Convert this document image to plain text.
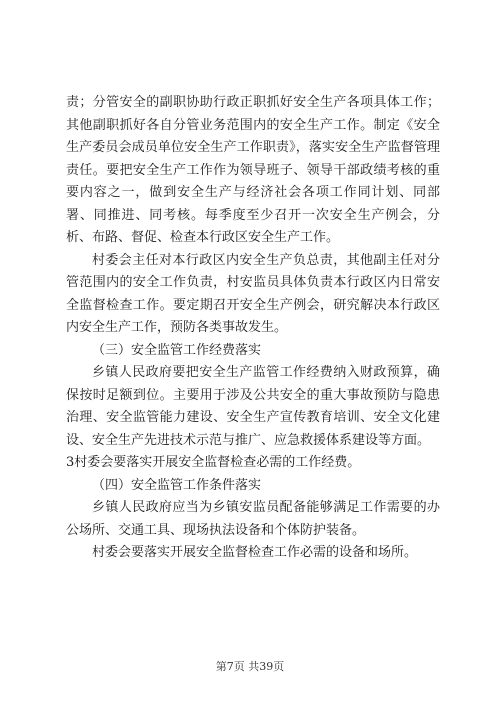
责；分管安全的副职协助行政正职抓好安全生产各项具体工作；其他副职抓好各自分管业务范围内的安全生产工作。制定《安全生产委员会成员单位安全生产工作职责》，落实安全生产监督管理责任。要把安全生产工作作为领导班子、领导干部政绩考核的重要内容之一，做到安全生产与经济社会各项工作同计划、同部署、同推进、同考核。每季度至少召开一次安全生产例会，分析、布路、督促、检查本行政区安全生产工作。

村委会主任对本行政区内安全生产负总责，其他副主任对分管范围内的安全工作负责，村安监员具体负责本行政区内日常安全监督检查工作。要定期召开安全生产例会，研究解决本行政区内安全生产工作，预防各类事故发生。

（三）安全监管工作经费落实

乡镇人民政府要把安全生产监管工作经费纳入财政预算，确保按时足额到位。主要用于涉及公共安全的重大事故预防与隐患治理、安全监管能力建设、安全生产宣传教育培训、安全文化建设、安全生产先进技术示范与推广、应急救援体系建设等方面。

3村委会要落实开展安全监督检查必需的工作经费。

（四）安全监管工作条件落实

乡镇人民政府应当为乡镇安监员配备能够满足工作需要的办公场所、交通工具、现场执法设备和个体防护装备。

村委会要落实开展安全监督检查工作必需的设备和场所。

第7页 共39页
